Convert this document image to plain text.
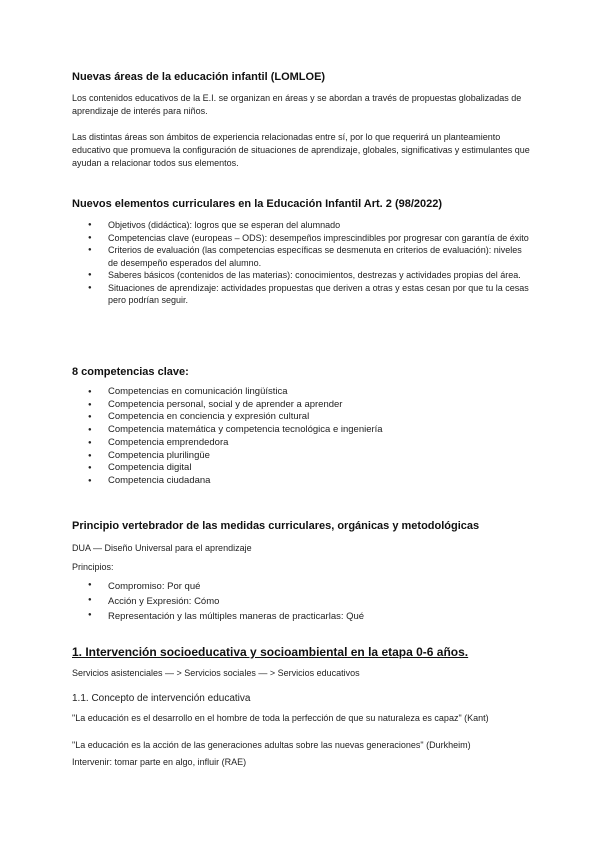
Nuevas áreas de la educación infantil (LOMLOE)
Los contenidos educativos de la E.I. se organizan en áreas y se abordan a través de propuestas globalizadas de aprendizaje de interés para niños.
Las distintas áreas son ámbitos de experiencia relacionadas entre sí, por lo que requerirá un planteamiento educativo que promueva la configuración de situaciones de aprendizaje, globales, significativas y estimulantes que ayudan a relacionar todos sus elementos.
Nuevos elementos curriculares en la Educación Infantil Art. 2 (98/2022)
● Objetivos (didáctica): logros que se esperan del alumnado
● Competencias clave (europeas – ODS): desempeños imprescindibles por progresar con garantía de éxito
● Criterios de evaluación (las competencias específicas se desmenuta en criterios de evaluación): niveles de desempeño esperados del alumno.
● Saberes básicos (contenidos de las materias): conocimientos, destrezas y actividades propias del área.
● Situaciones de aprendizaje: actividades propuestas que deriven a otras y estas cesan por que tu la cesas pero podrían seguir.
8 competencias clave:
● Competencias en comunicación lingüística
● Competencia personal, social y de aprender a aprender
● Competencia en conciencia y expresión cultural
● Competencia matemática y competencia tecnológica e ingeniería
● Competencia emprendedora
● Competencia plurilingüe
● Competencia digital
● Competencia ciudadana
Principio vertebrador de las medidas curriculares, orgánicas y metodológicas
DUA — Diseño Universal para el aprendizaje
Principios:
● Compromiso: Por qué
● Acción y Expresión: Cómo
● Representación y las múltiples maneras de practicarlas: Qué
1. Intervención socioeducativa y socioambiental en la etapa 0-6 años.
Servicios asistenciales — > Servicios sociales — > Servicios educativos
1.1. Concepto de intervención educativa
"La educación es el desarrollo en el hombre de toda la perfección de que su naturaleza es capaz" (Kant)
"La educación es la acción de las generaciones adultas sobre las nuevas generaciones" (Durkheim)
Intervenir: tomar parte en algo, influir (RAE)
